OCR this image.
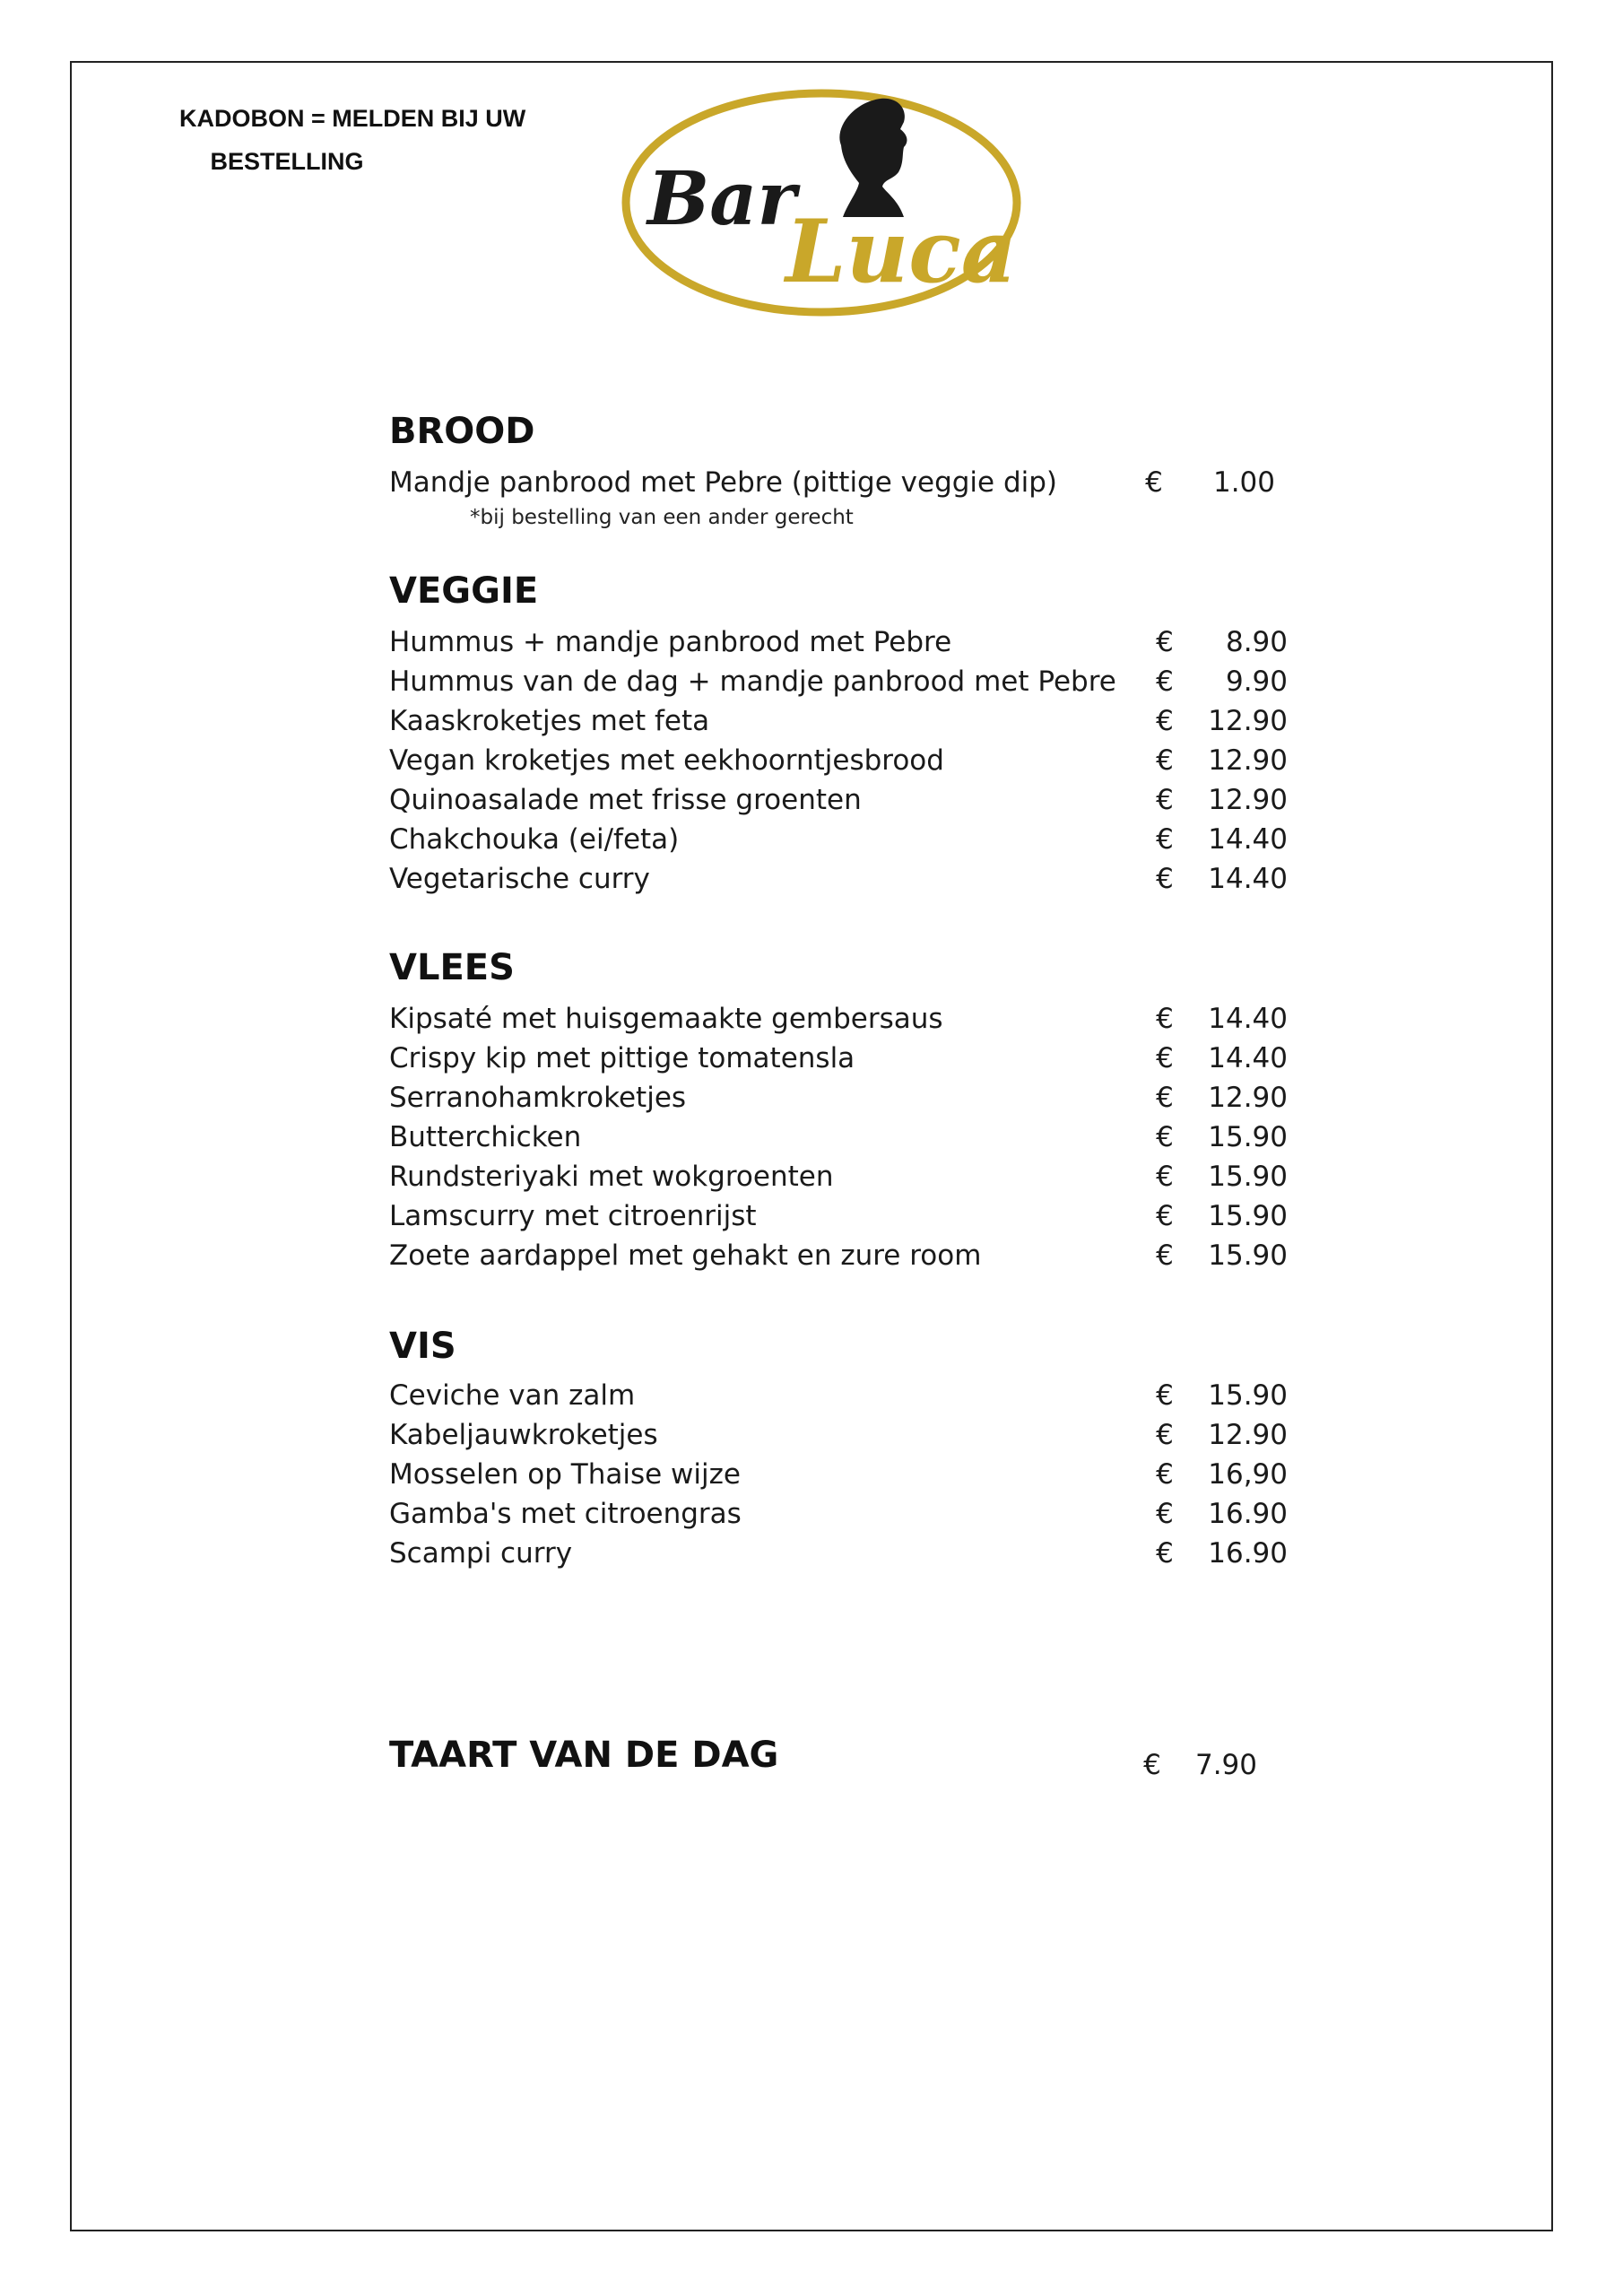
KADOBON = MELDEN BIJ UW
BESTELLING	Bar
Luca
BROOD
Mandje panbrood met Pebre (pittige veggie dip)	€	1.00
*bij bestelling van een ander gerecht
VEGGIE
Hummus + mandje panbrood met Pebre	€	8.90
Hummus van de dag + mandje panbrood met Pebre €	9.90
Kaaskroketjes met feta	€	12.90
Vegan kroketjes met eekhoorntjesbrood	€	12.90
Quinoasalade met frisse groenten	€	12.90
Chakchouka (ei/feta)	€	14.40
Vegetarische curry	€	14.40
VLEES
Kipsaté met huisgemaakte gembersaus	€	14.40
Crispy kip met pittige tomatensla	€	14.40
Serranohamkroketjes	€	12.90
Butterchicken	€	15.90
Rundsteriyaki met wokgroenten	€	15.90
Lamscurry met citroenrijst	€	15.90
Zoete aardappel met gehakt en zure room	€	15.90
VIS
Ceviche van zalm	€	15.90
Kabeljauwkroketjes	€	12.90
Mosselen op Thaise wijze	€	16,90
Gamba's met citroengras	€	16.90
Scampi curry	€	16.90
TAART VAN DE DAG	€	7.90
